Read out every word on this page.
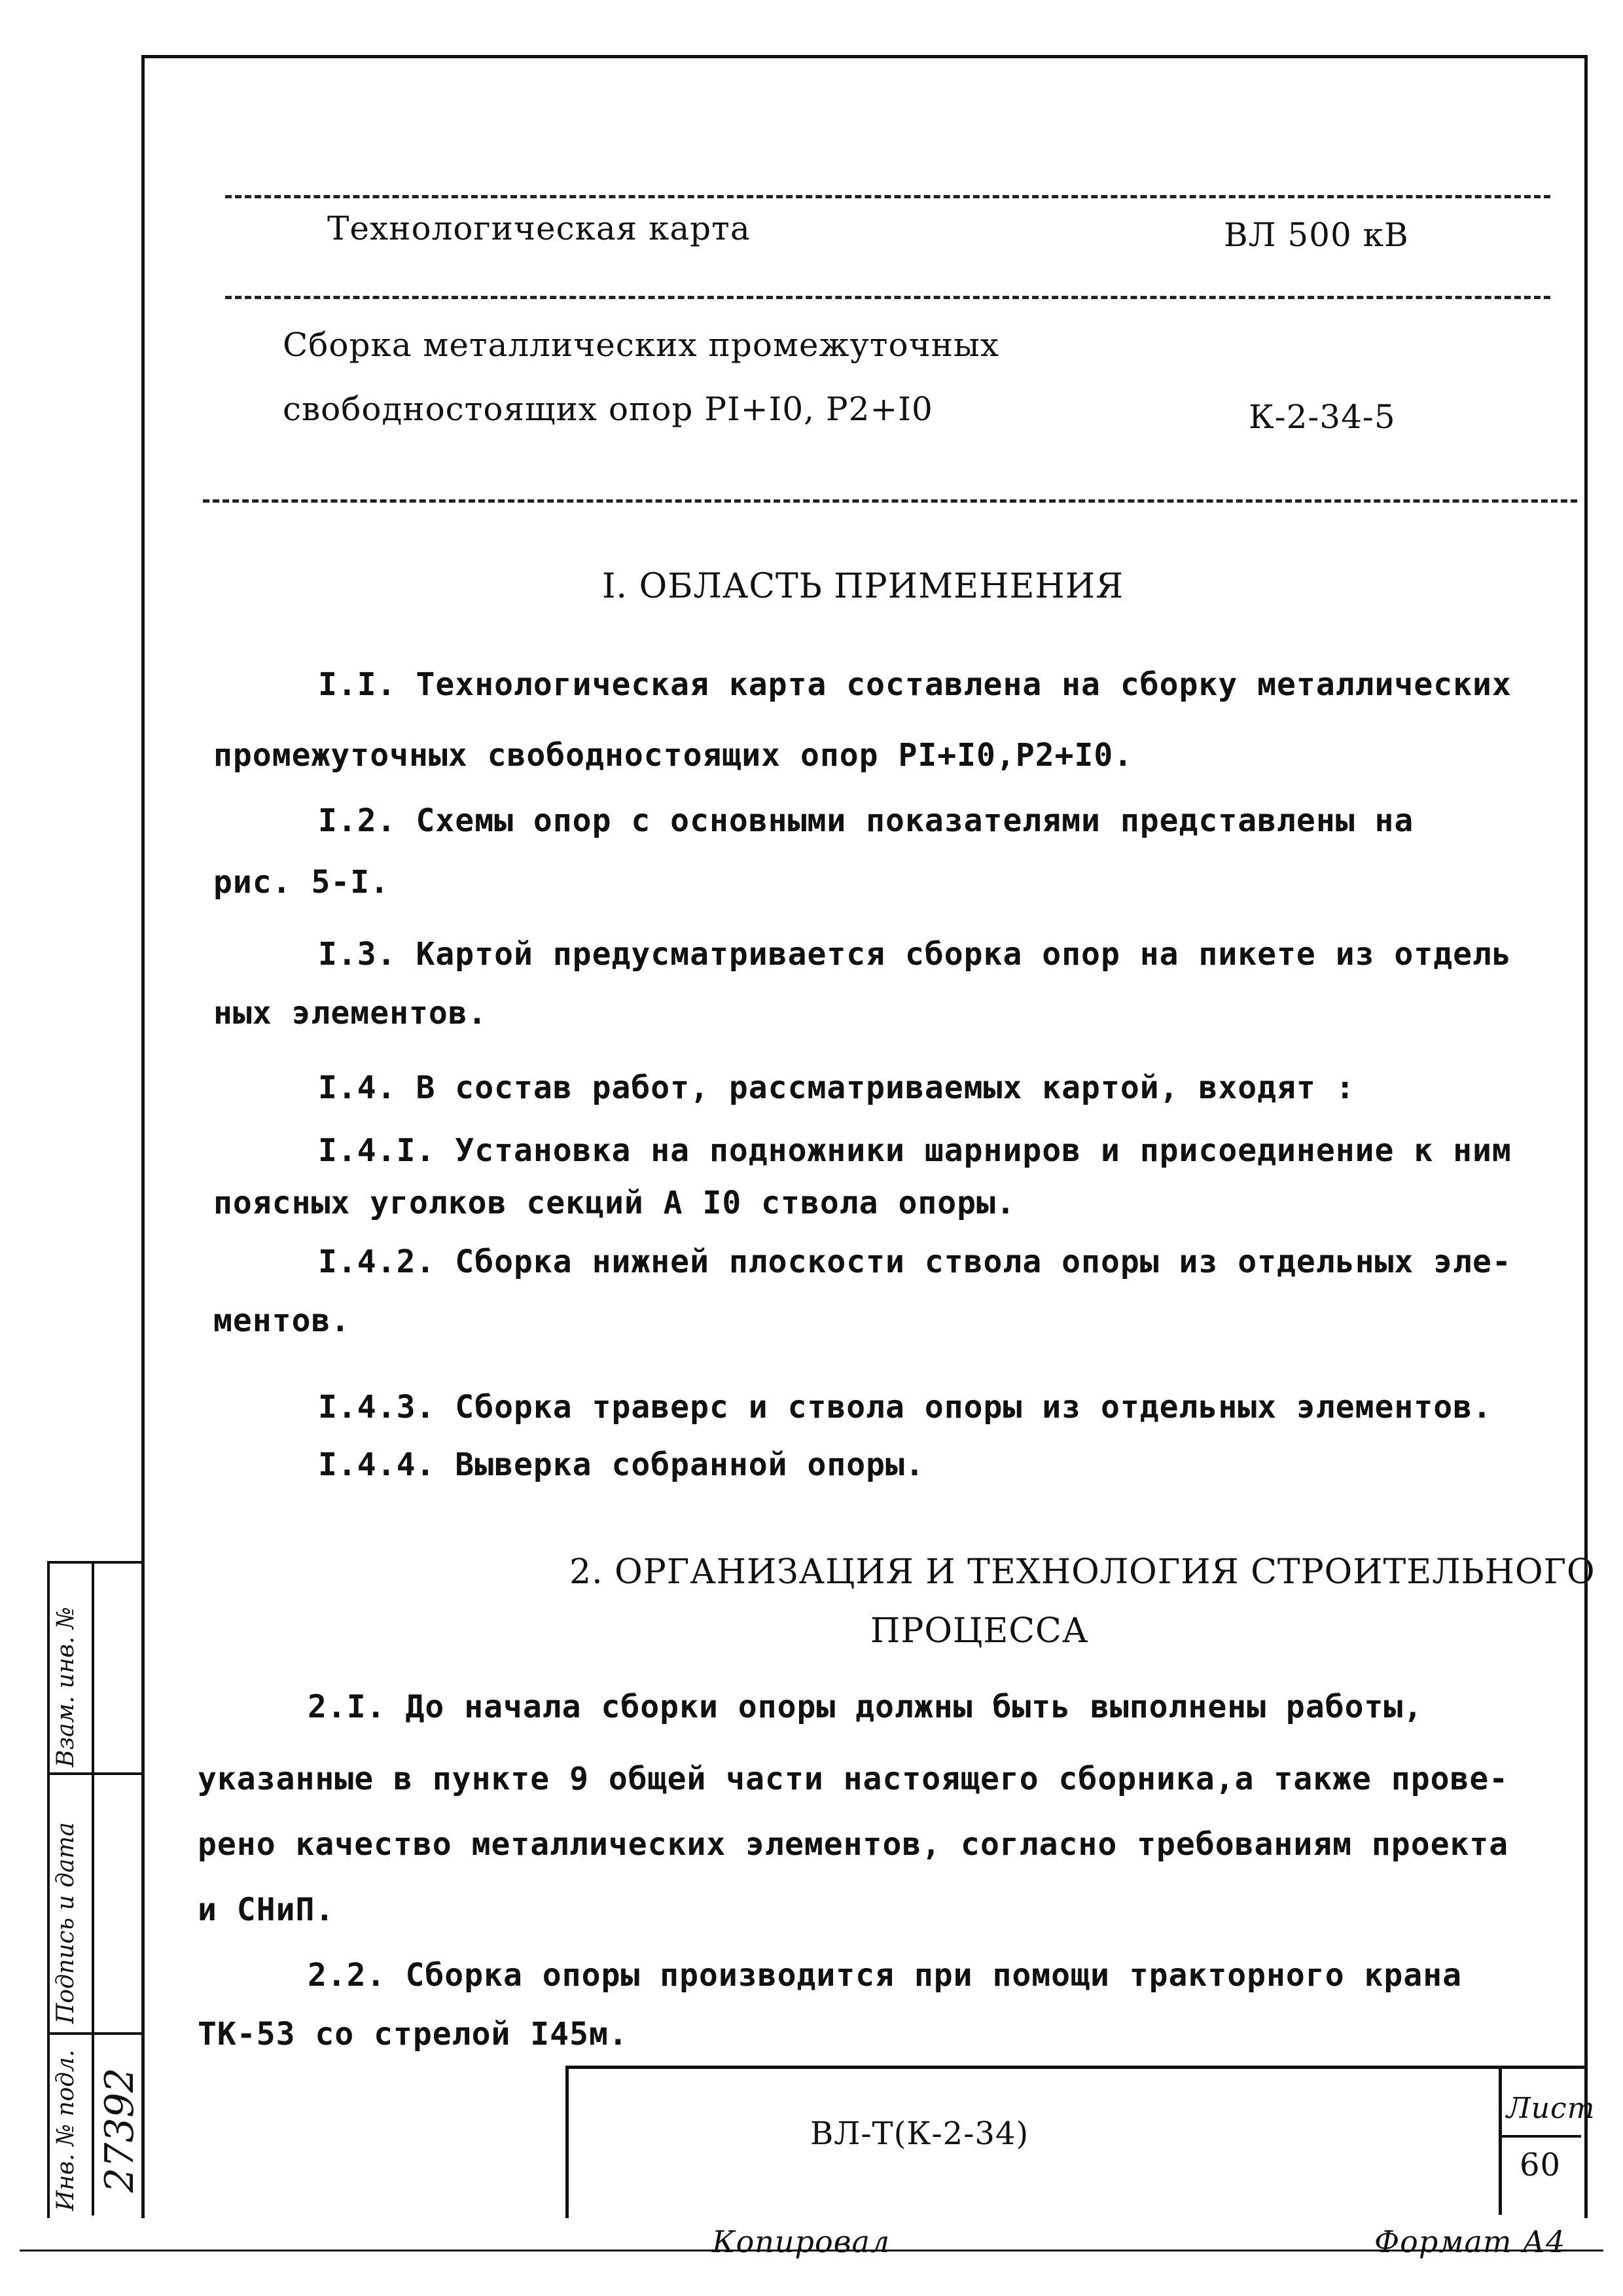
Технологическая карта	ВЛ 500 кВ
Сборка металлических промежуточных
свободностоящих опор PI+I0, P2+I0	К-2-34-5
I. ОБЛАСТЬ ПРИМЕНЕНИЯ
I.I. Технологическая карта составлена на сборку металлических
промежуточных свободностоящих опор PI+I0,P2+I0.
I.2. Схемы опор с основными показателями представлены на
рис. 5-I.
I.3. Картой предусматривается сборка опор на пикете из отдель
ных элементов.
I.4. В состав работ, рассматриваемых картой, входят :
I.4.I. Установка на подножники шарниров и присоединение к ним
поясных уголков секций А I0 ствола опоры.
I.4.2. Сборка нижней плоскости ствола опоры из отдельных эле-
ментов.
I.4.3. Сборка траверс и ствола опоры из отдельных элементов.
I.4.4. Выверка собранной опоры.
2. ОРГАНИЗАЦИЯ И ТЕХНОЛОГИЯ СТРОИТЕЛЬНОГО
ПРОЦЕССА
2.I. До начала сборки опоры должны быть выполнены работы,
указанные в пункте 9 общей части настоящего сборника,а также прове-
рено качество металлических элементов, согласно требованиям проекта
и СНиП.
2.2. Сборка опоры производится при помощи тракторного крана
ТК-53 со стрелой I45м.
ВЛ-Т(К-2-34)
Лист
60
Взам. инв. №
Подпись и дата
Инв. № подл. 27392
Копировал	Формат А4
